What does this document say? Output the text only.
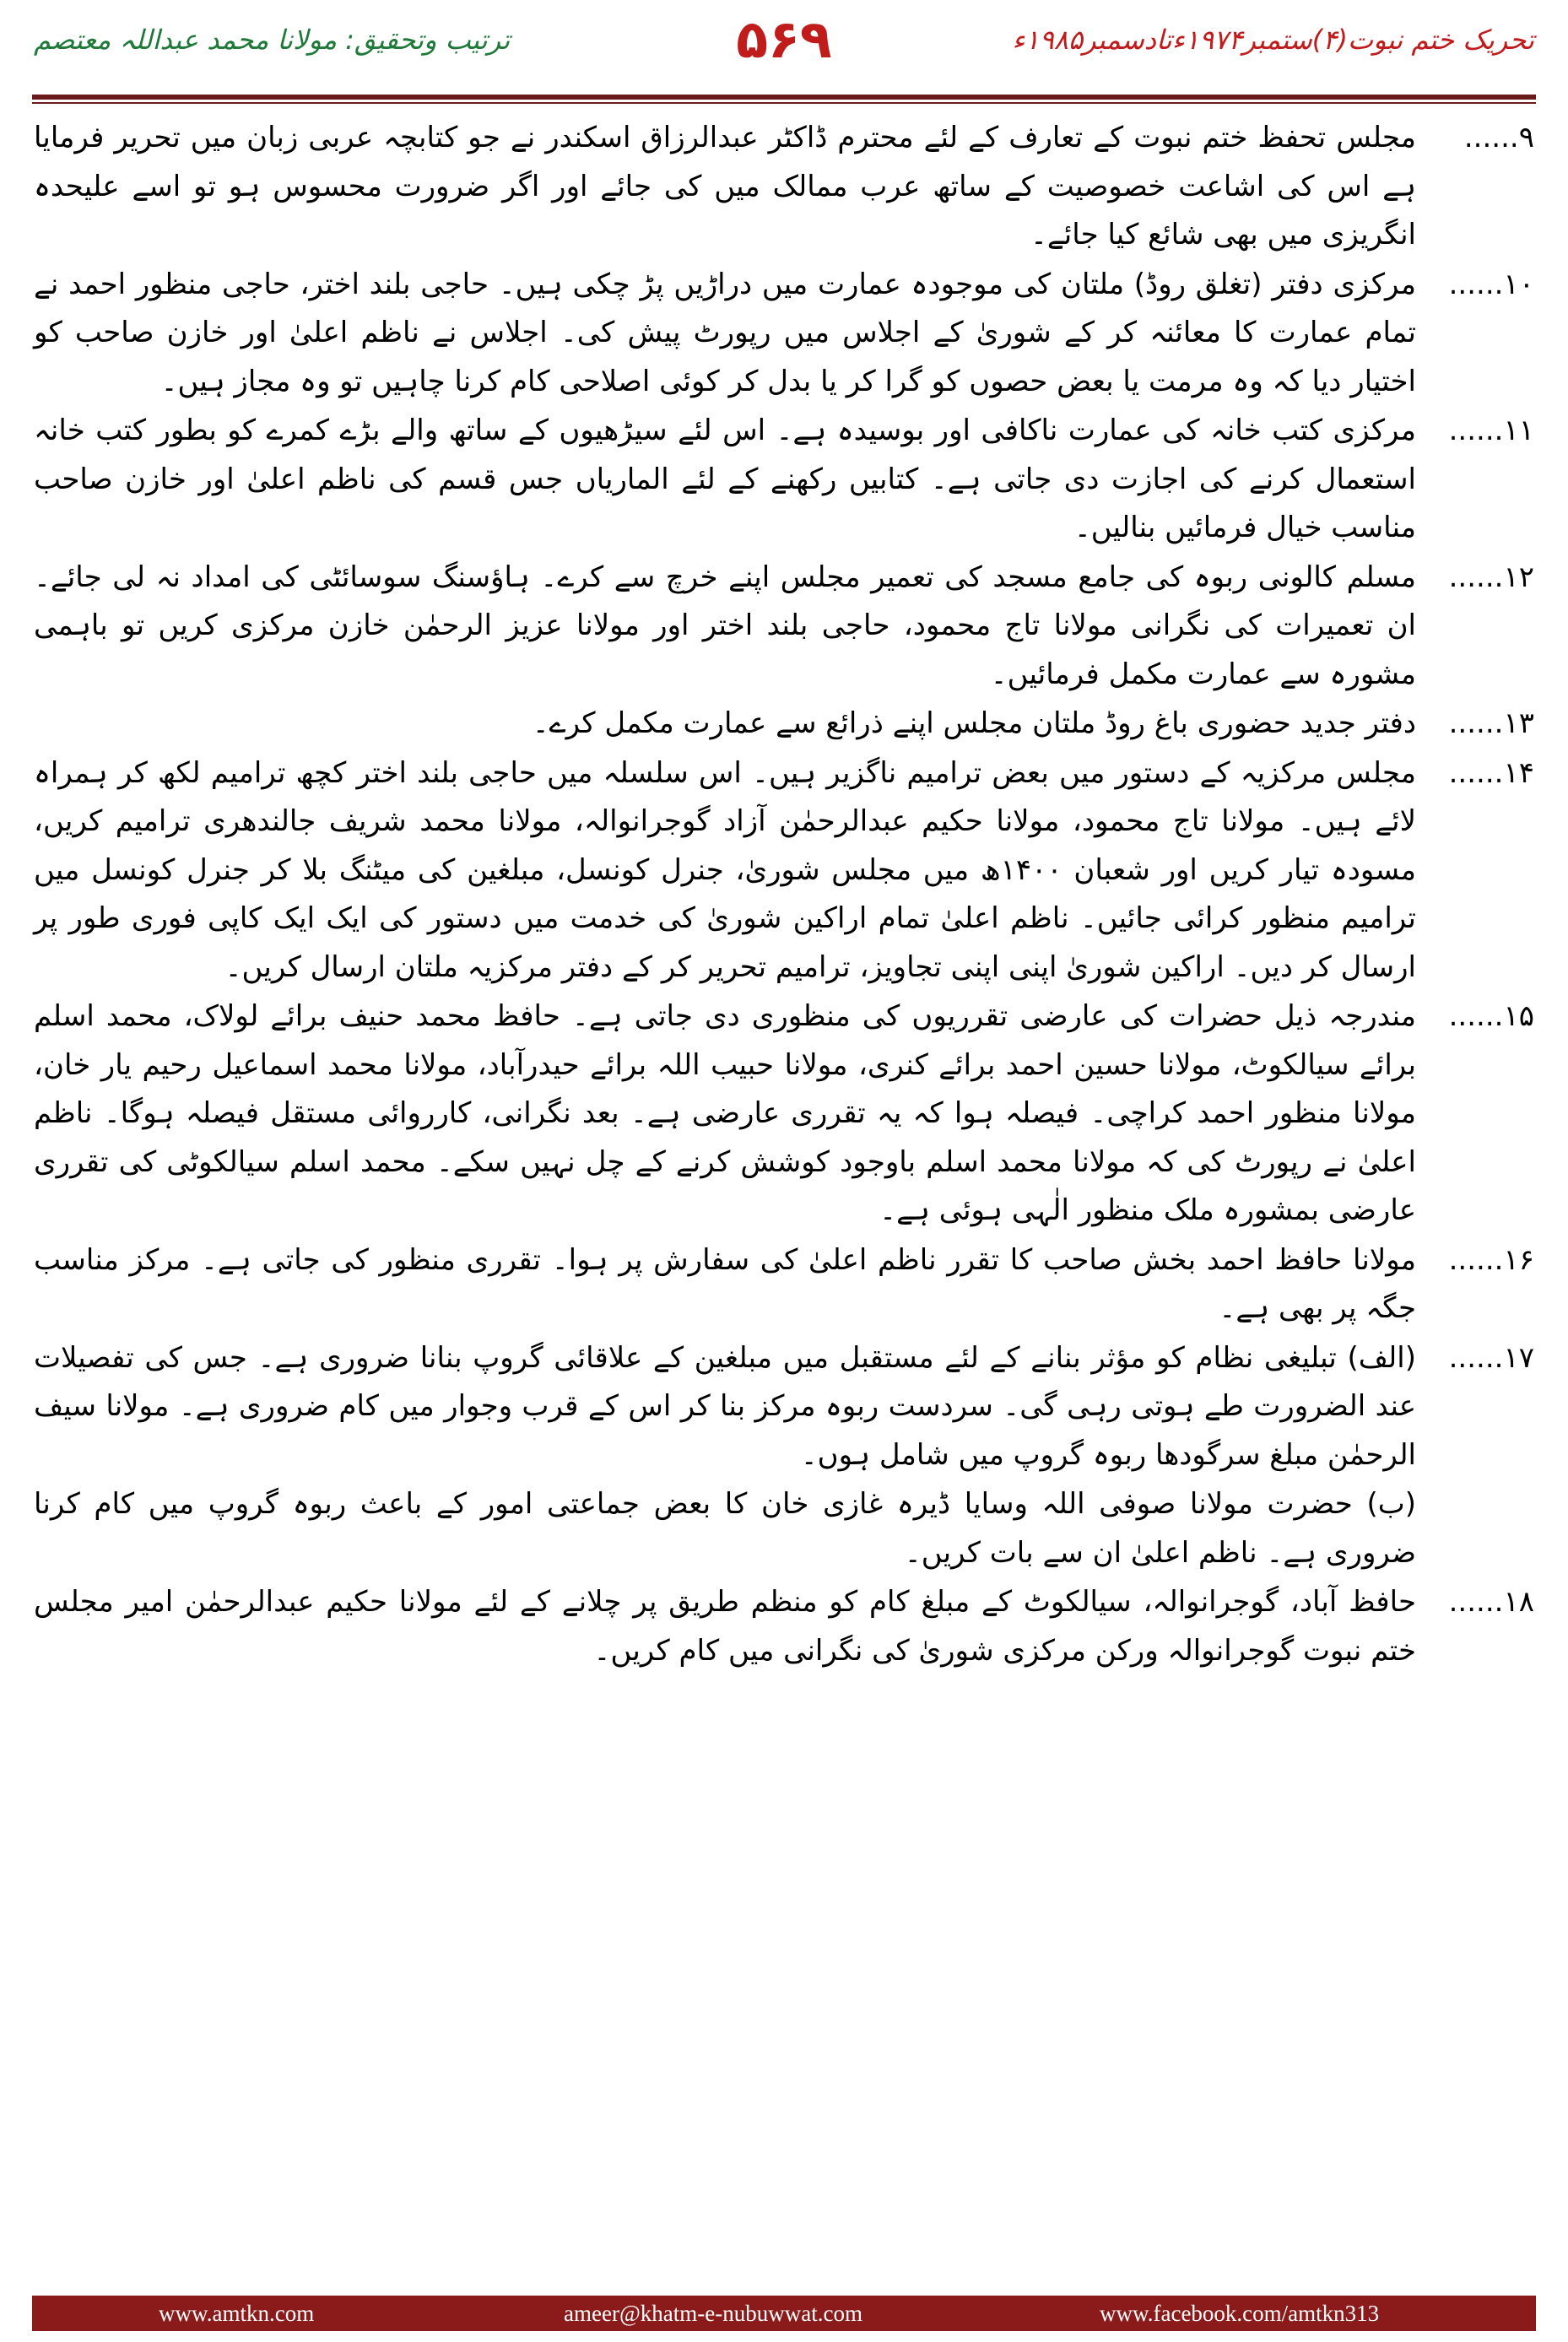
ترتیب وتحقیق: مولانا محمد عبداللہ معتصم	۵۶۹	تحریک ختم نبوت(۴)ستمبر۱۹۷۴ءتادسمبر۱۹۸۵ء
۹......
مجلس تحفظ ختم نبوت کے تعارف کے لئے محترم ڈاکٹر عبدالرزاق اسکندر نے جو کتابچہ عربی زبان میں تحریر فرمایا ہے اس کی اشاعت خصوصیت کے ساتھ عرب ممالک میں کی جائے اور اگر ضرورت محسوس ہو تو اسے علیحدہ انگریزی میں بھی شائع کیا جائے۔
۱۰......
مرکزی دفتر (تغلق روڈ) ملتان کی موجودہ عمارت میں دراڑیں پڑ چکی ہیں۔ حاجی بلند اختر، حاجی منظور احمد نے تمام عمارت کا معائنہ کر کے شوریٰ کے اجلاس میں رپورٹ پیش کی۔ اجلاس نے ناظم اعلیٰ اور خازن صاحب کو اختیار دیا کہ وہ مرمت یا بعض حصوں کو گرا کر یا بدل کر کوئی اصلاحی کام کرنا چاہیں تو وہ مجاز ہیں۔
۱۱......
مرکزی کتب خانہ کی عمارت ناکافی اور بوسیدہ ہے۔ اس لئے سیڑھیوں کے ساتھ والے بڑے کمرے کو بطور کتب خانہ استعمال کرنے کی اجازت دی جاتی ہے۔ کتابیں رکھنے کے لئے الماریاں جس قسم کی ناظم اعلیٰ اور خازن صاحب مناسب خیال فرمائیں بنالیں۔
۱۲......
مسلم کالونی ربوہ کی جامع مسجد کی تعمیر مجلس اپنے خرچ سے کرے۔ ہاؤسنگ سوسائٹی کی امداد نہ لی جائے۔ ان تعمیرات کی نگرانی مولانا تاج محمود، حاجی بلند اختر اور مولانا عزیز الرحمٰن خازن مرکزی کریں تو باہمی مشورہ سے عمارت مکمل فرمائیں۔
۱۳......
دفتر جدید حضوری باغ روڈ ملتان مجلس اپنے ذرائع سے عمارت مکمل کرے۔
۱۴......
مجلس مرکزیہ کے دستور میں بعض ترامیم ناگزیر ہیں۔ اس سلسلہ میں حاجی بلند اختر کچھ ترامیم لکھ کر ہمراہ لائے ہیں۔ مولانا تاج محمود، مولانا حکیم عبدالرحمٰن آزاد گوجرانوالہ، مولانا محمد شریف جالندھری ترامیم کریں، مسودہ تیار کریں اور شعبان ۱۴۰۰ھ میں مجلس شوریٰ، جنرل کونسل، مبلغین کی میٹنگ بلا کر جنرل کونسل میں ترامیم منظور کرائی جائیں۔ ناظم اعلیٰ تمام اراکین شوریٰ کی خدمت میں دستور کی ایک ایک کاپی فوری طور پر ارسال کر دیں۔ اراکین شوریٰ اپنی اپنی تجاویز، ترامیم تحریر کر کے دفتر مرکزیہ ملتان ارسال کریں۔
۱۵......
مندرجہ ذیل حضرات کی عارضی تقرریوں کی منظوری دی جاتی ہے۔ حافظ محمد حنیف برائے لولاک، محمد اسلم برائے سیالکوٹ، مولانا حسین احمد برائے کنری، مولانا حبیب اللہ برائے حیدرآباد، مولانا محمد اسماعیل رحیم یار خان، مولانا منظور احمد کراچی۔ فیصلہ ہوا کہ یہ تقرری عارضی ہے۔ بعد نگرانی، کارروائی مستقل فیصلہ ہوگا۔ ناظم اعلیٰ نے رپورٹ کی کہ مولانا محمد اسلم باوجود کوشش کرنے کے چل نہیں سکے۔ محمد اسلم سیالکوٹی کی تقرری عارضی بمشورہ ملک منظور الٰہی ہوئی ہے۔
۱۶......
مولانا حافظ احمد بخش صاحب کا تقرر ناظم اعلیٰ کی سفارش پر ہوا۔ تقرری منظور کی جاتی ہے۔ مرکز مناسب جگہ پر بھی ہے۔
۱۷......
(الف) تبلیغی نظام کو مؤثر بنانے کے لئے مستقبل میں مبلغین کے علاقائی گروپ بنانا ضروری ہے۔ جس کی تفصیلات عند الضرورت طے ہوتی رہی گی۔ سردست ربوہ مرکز بنا کر اس کے قرب وجوار میں کام ضروری ہے۔ مولانا سیف الرحمٰن مبلغ سرگودھا ربوہ گروپ میں شامل ہوں۔
(ب) حضرت مولانا صوفی اللہ وسایا ڈیرہ غازی خان کا بعض جماعتی امور کے باعث ربوہ گروپ میں کام کرنا ضروری ہے۔ ناظم اعلیٰ ان سے بات کریں۔
۱۸......
حافظ آباد، گوجرانوالہ، سیالکوٹ کے مبلغ کام کو منظم طریق پر چلانے کے لئے مولانا حکیم عبدالرحمٰن امیر مجلس ختم نبوت گوجرانوالہ ورکن مرکزی شوریٰ کی نگرانی میں کام کریں۔
www.amtkn.com	ameer@khatm-e-nubuwwat.com	www.facebook.com/amtkn313
